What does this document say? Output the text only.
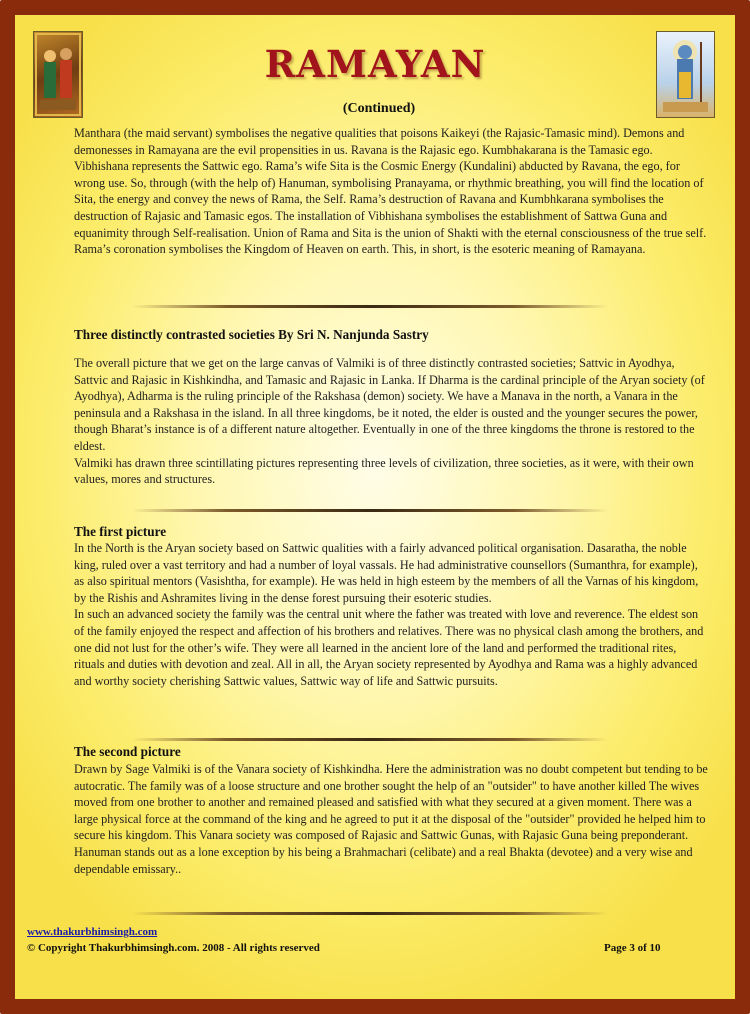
RAMAYAN
(Continued)

Manthara (the maid servant) symbolises the negative qualities that poisons Kaikeyi (the Rajasic-Tamasic mind). Demons and demonesses in Ramayana are the evil propensities in us. Ravana is the Rajasic ego. Kumbhakarana is the Tamasic ego. Vibhishana represents the Sattwic ego. Rama’s wife Sita is the Cosmic Energy (Kundalini) abducted by Ravana, the ego, for wrong use. So, through (with the help of) Hanuman, symbolising Pranayama, or rhythmic breathing, you will find the location of Sita, the energy and convey the news of Rama, the Self. Rama’s destruction of Ravana and Kumbhkarana symbolises the destruction of Rajasic and Tamasic egos. The installation of Vibhishana symbolises the establishment of Sattwa Guna and equanimity through Self-realisation. Union of Rama and Sita is the union of Shakti with the eternal consciousness of the true self. Rama’s coronation symbolises the Kingdom of Heaven on earth. This, in short, is the esoteric meaning of Ramayana.

Three distinctly contrasted societies By Sri N. Nanjunda Sastry

The overall picture that we get on the large canvas of Valmiki is of three distinctly contrasted societies; Sattvic in Ayodhya, Sattvic and Rajasic in Kishkindha, and Tamasic and Rajasic in Lanka. If Dharma is the cardinal principle of the Aryan society (of Ayodhya), Adharma is the ruling principle of the Rakshasa (demon) society. We have a Manava in the north, a Vanara in the peninsula and a Rakshasa in the island. In all three kingdoms, be it noted, the elder is ousted and the younger secures the power, though Bharat’s instance is of a different nature altogether. Eventually in one of the three kingdoms the throne is restored to the eldest.

Valmiki has drawn three scintillating pictures representing three levels of civilization, three societies, as it were, with their own values, mores and structures.

The first picture

In the North is the Aryan society based on Sattwic qualities with a fairly advanced political organisation. Dasaratha, the noble king, ruled over a vast territory and had a number of loyal vassals. He had administrative counsellors (Sumanthra, for example), as also spiritual mentors (Vasishtha, for example). He was held in high esteem by the members of all the Varnas of his kingdom, by the Rishis and Ashramites living in the dense forest pursuing their esoteric studies.

In such an advanced society the family was the central unit where the father was treated with love and reverence. The eldest son of the family enjoyed the respect and affection of his brothers and relatives. There was no physical clash among the brothers, and one did not lust for the other’s wife. They were all learned in the ancient lore of the land and performed the traditional rites, rituals and duties with devotion and zeal. All in all, the Aryan society represented by Ayodhya and Rama was a highly advanced and worthy society cherishing Sattwic values, Sattwic way of life and Sattwic pursuits.

The second picture

Drawn by Sage Valmiki is of the Vanara society of Kishkindha. Here the administration was no doubt competent but tending to be autocratic. The family was of a loose structure and one brother sought the help of an "outsider" to have another killed The wives moved from one brother to another and remained pleased and satisfied with what they secured at a given moment. There was a large physical force at the command of the king and he agreed to put it at the disposal of the "outsider" provided he helped him to secure his kingdom. This Vanara society was composed of Rajasic and Sattwic Gunas, with Rajasic Guna being preponderant. Hanuman stands out as a lone exception by his being a Brahmachari (celibate) and a real Bhakta (devotee) and a very wise and dependable emissary..

www.thakurbhimsingh.com
© Copyright Thakurbhimsingh.com. 2008 - All rights reserved	Page 3 of 10
